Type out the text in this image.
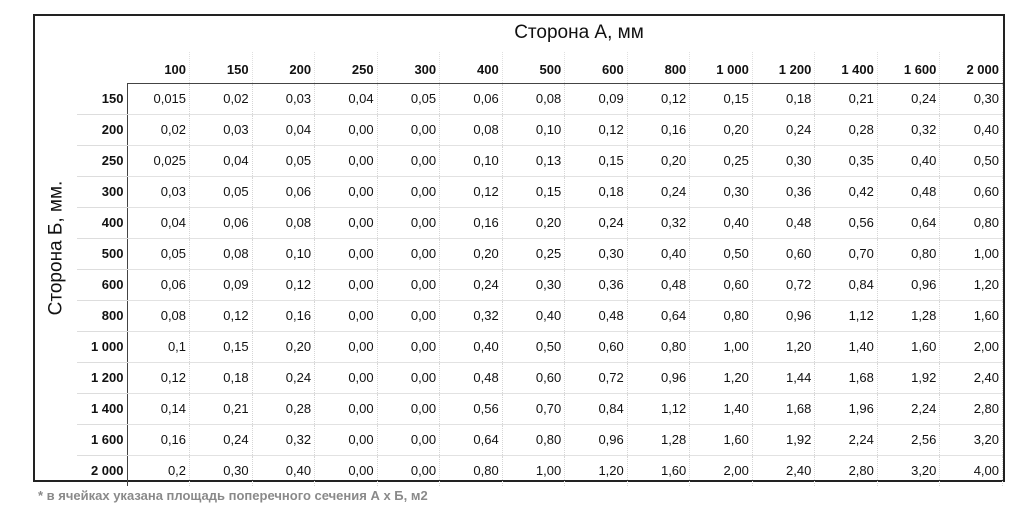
Сторона Б, мм.
Сторона А, мм
	100	150	200	250	300	400	500	600	800	1 000	1 200	1 400	1 600	2 000
150	0,015	0,02	0,03	0,04	0,05	0,06	0,08	0,09	0,12	0,15	0,18	0,21	0,24	0,30
200	0,02	0,03	0,04	0,00	0,00	0,08	0,10	0,12	0,16	0,20	0,24	0,28	0,32	0,40
250	0,025	0,04	0,05	0,00	0,00	0,10	0,13	0,15	0,20	0,25	0,30	0,35	0,40	0,50
300	0,03	0,05	0,06	0,00	0,00	0,12	0,15	0,18	0,24	0,30	0,36	0,42	0,48	0,60
400	0,04	0,06	0,08	0,00	0,00	0,16	0,20	0,24	0,32	0,40	0,48	0,56	0,64	0,80
500	0,05	0,08	0,10	0,00	0,00	0,20	0,25	0,30	0,40	0,50	0,60	0,70	0,80	1,00
600	0,06	0,09	0,12	0,00	0,00	0,24	0,30	0,36	0,48	0,60	0,72	0,84	0,96	1,20
800	0,08	0,12	0,16	0,00	0,00	0,32	0,40	0,48	0,64	0,80	0,96	1,12	1,28	1,60
1 000	0,1	0,15	0,20	0,00	0,00	0,40	0,50	0,60	0,80	1,00	1,20	1,40	1,60	2,00
1 200	0,12	0,18	0,24	0,00	0,00	0,48	0,60	0,72	0,96	1,20	1,44	1,68	1,92	2,40
1 400	0,14	0,21	0,28	0,00	0,00	0,56	0,70	0,84	1,12	1,40	1,68	1,96	2,24	2,80
1 600	0,16	0,24	0,32	0,00	0,00	0,64	0,80	0,96	1,28	1,60	1,92	2,24	2,56	3,20
2 000	0,2	0,30	0,40	0,00	0,00	0,80	1,00	1,20	1,60	2,00	2,40	2,80	3,20	4,00
* в ячейках указана площадь поперечного сечения А х Б, м2
